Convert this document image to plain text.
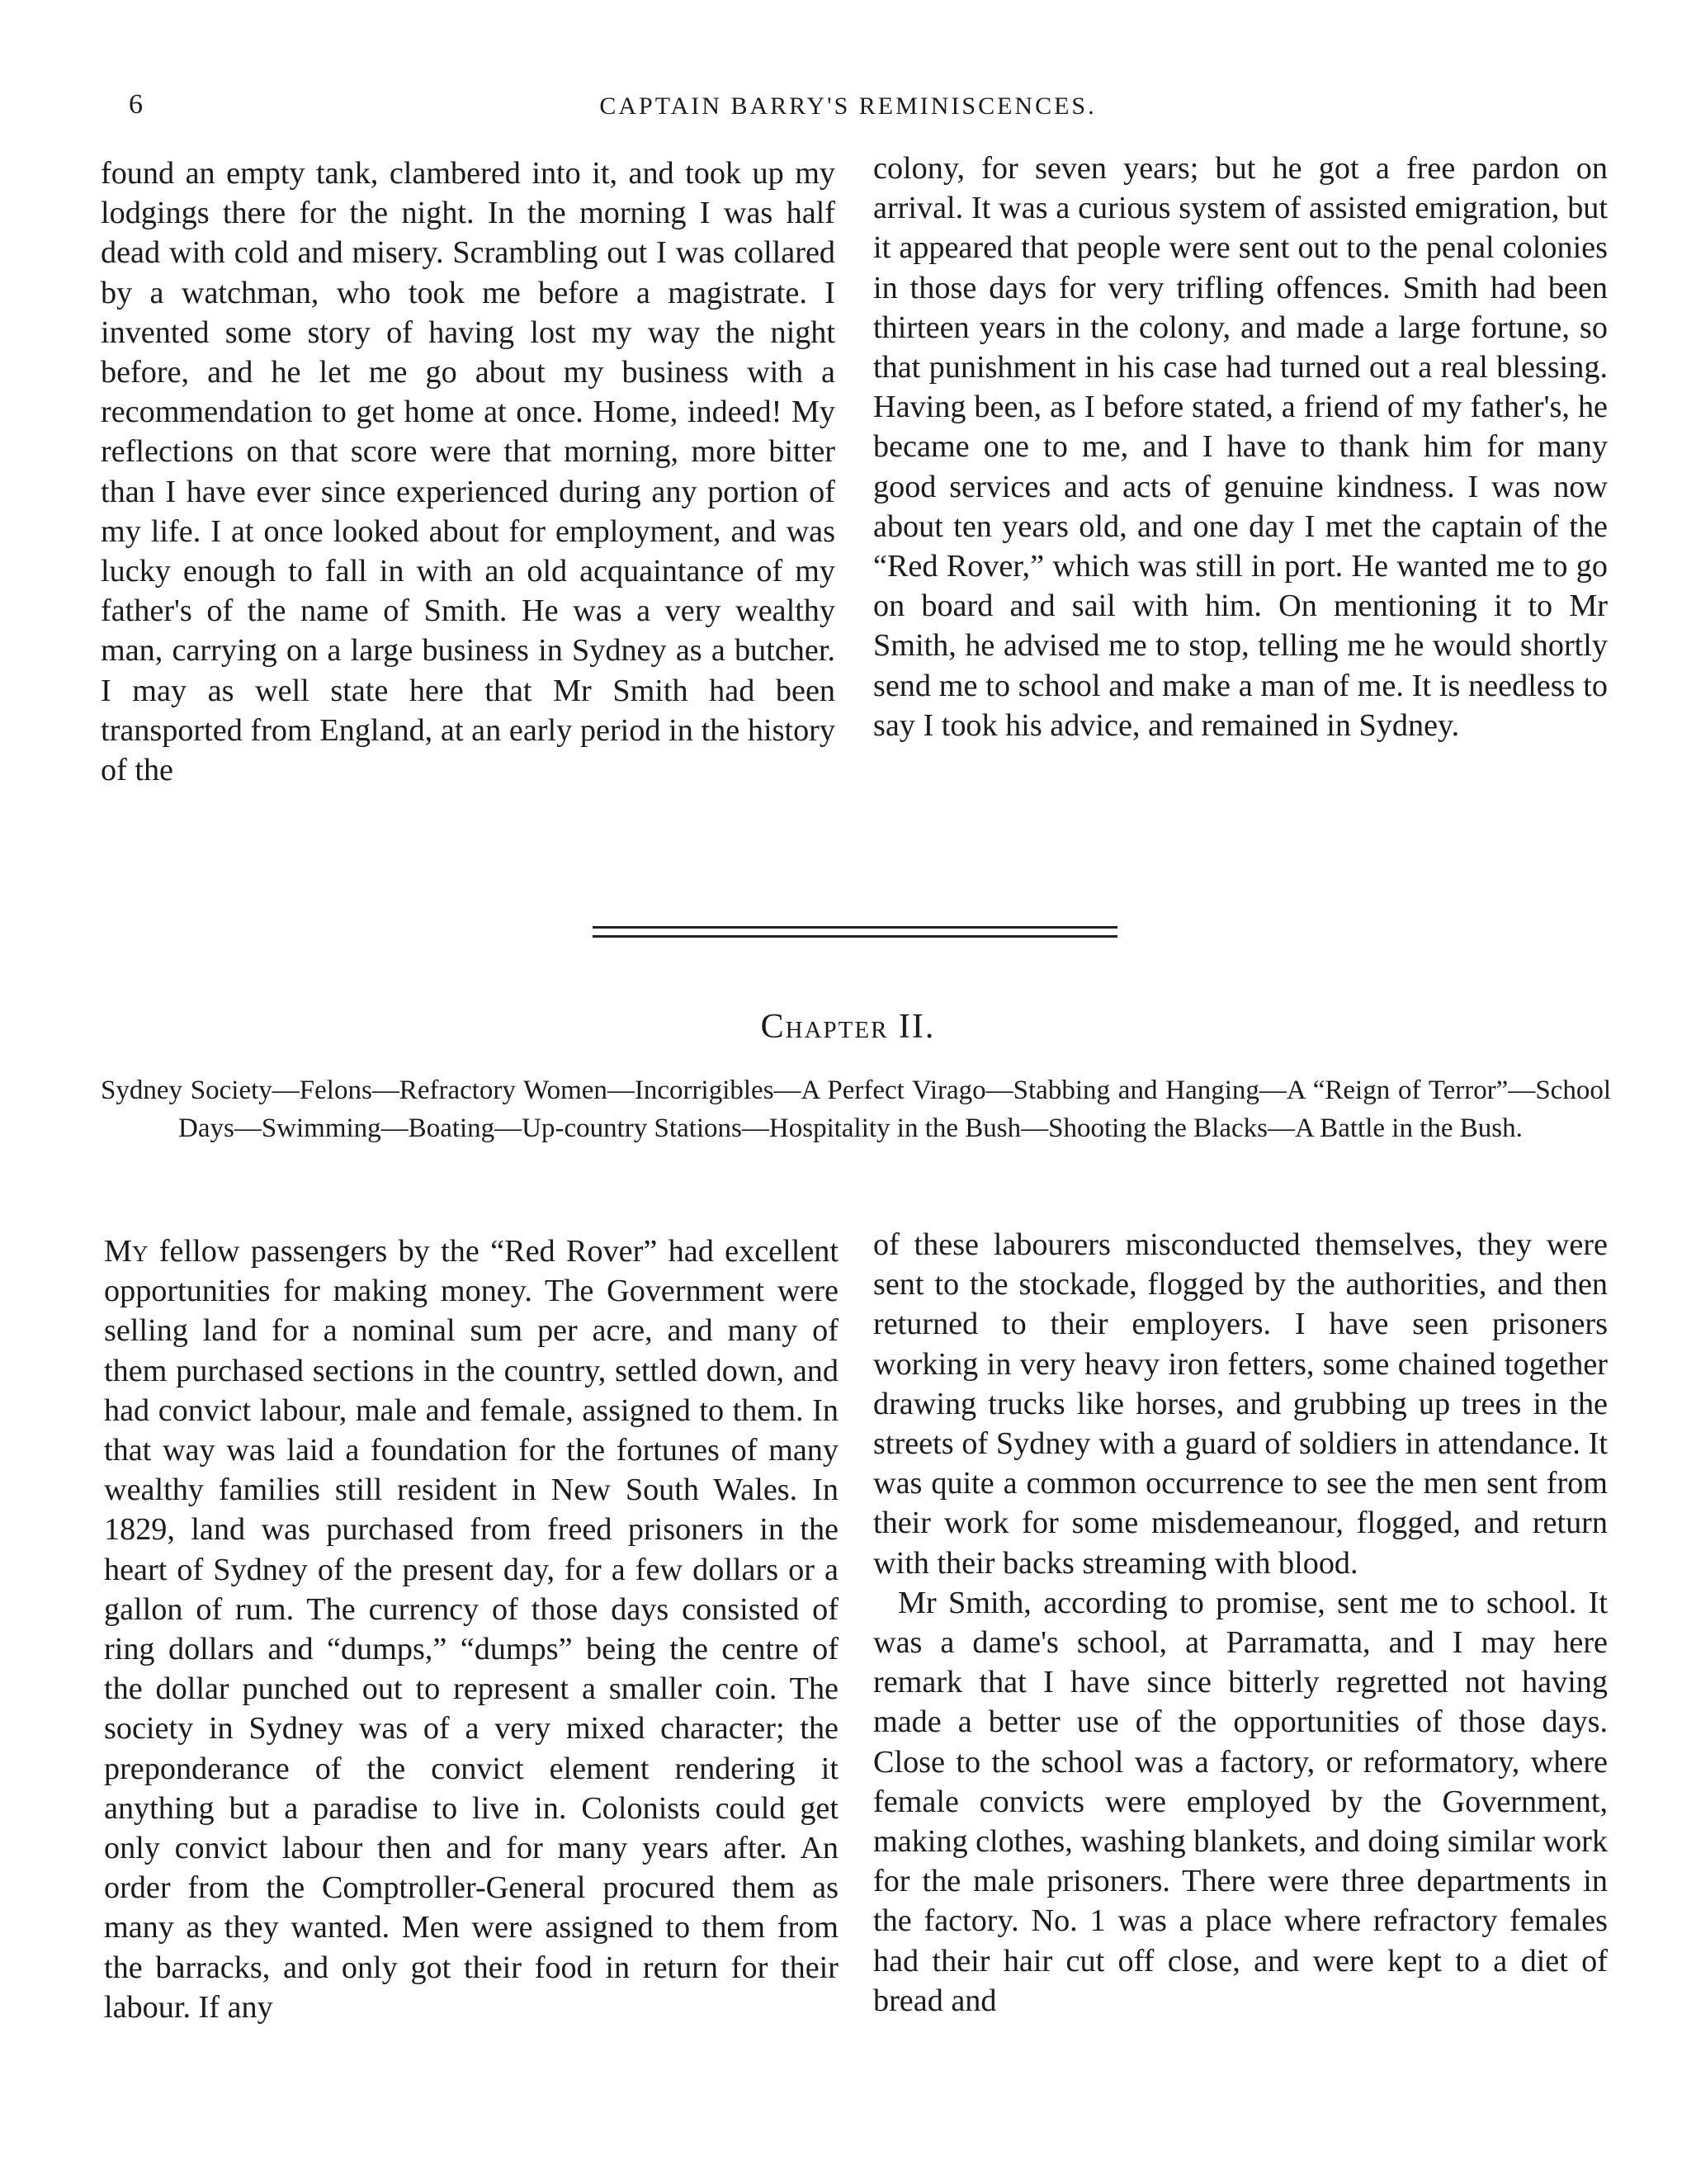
6	CAPTAIN BARRY'S REMINISCENCES.

found an empty tank, clambered into it, and took up my lodgings there for the night. In the morning I was half dead with cold and misery. Scrambling out I was collared by a watchman, who took me before a magistrate. I invented some story of having lost my way the night before, and he let me go about my business with a recommendation to get home at once. Home, indeed! My reflections on that score were that morning, more bitter than I have ever since experienced during any portion of my life. I at once looked about for employment, and was lucky enough to fall in with an old acquaintance of my father's of the name of Smith. He was a very wealthy man, carrying on a large business in Sydney as a butcher. I may as well state here that Mr Smith had been transported from England, at an early period in the history of the

colony, for seven years; but he got a free pardon on arrival. It was a curious system of assisted emigration, but it appeared that people were sent out to the penal colonies in those days for very trifling offences. Smith had been thirteen years in the colony, and made a large fortune, so that punishment in his case had turned out a real blessing. Having been, as I before stated, a friend of my father's, he became one to me, and I have to thank him for many good services and acts of genuine kindness. I was now about ten years old, and one day I met the captain of the “Red Rover,” which was still in port. He wanted me to go on board and sail with him. On mentioning it to Mr Smith, he advised me to stop, telling me he would shortly send me to school and make a man of me. It is needless to say I took his advice, and remained in Sydney.

Chapter II.
Sydney Society—Felons—Refractory Women—Incorrigibles—A Perfect Virago—Stabbing and Hanging—A “Reign of Terror”—School Days—Swimming—Boating—Up-country Stations—Hospitality in the Bush—Shooting the Blacks—A Battle in the Bush.

My fellow passengers by the “Red Rover” had excellent opportunities for making money. The Government were selling land for a nominal sum per acre, and many of them purchased sections in the country, settled down, and had convict labour, male and female, assigned to them. In that way was laid a foundation for the fortunes of many wealthy families still resident in New South Wales. In 1829, land was purchased from freed prisoners in the heart of Sydney of the present day, for a few dollars or a gallon of rum. The currency of those days consisted of ring dollars and “dumps,” “dumps” being the centre of the dollar punched out to represent a smaller coin. The society in Sydney was of a very mixed character; the preponderance of the convict element rendering it anything but a paradise to live in. Colonists could get only convict labour then and for many years after. An order from the Comptroller-General procured them as many as they wanted. Men were assigned to them from the barracks, and only got their food in return for their labour. If any

of these labourers misconducted themselves, they were sent to the stockade, flogged by the authorities, and then returned to their employers. I have seen prisoners working in very heavy iron fetters, some chained together drawing trucks like horses, and grubbing up trees in the streets of Sydney with a guard of soldiers in attendance. It was quite a common occurrence to see the men sent from their work for some misdemeanour, flogged, and return with their backs streaming with blood.

Mr Smith, according to promise, sent me to school. It was a dame's school, at Parramatta, and I may here remark that I have since bitterly regretted not having made a better use of the opportunities of those days. Close to the school was a factory, or reformatory, where female convicts were employed by the Government, making clothes, washing blankets, and doing similar work for the male prisoners. There were three departments in the factory. No. 1 was a place where refractory females had their hair cut off close, and were kept to a diet of bread and
